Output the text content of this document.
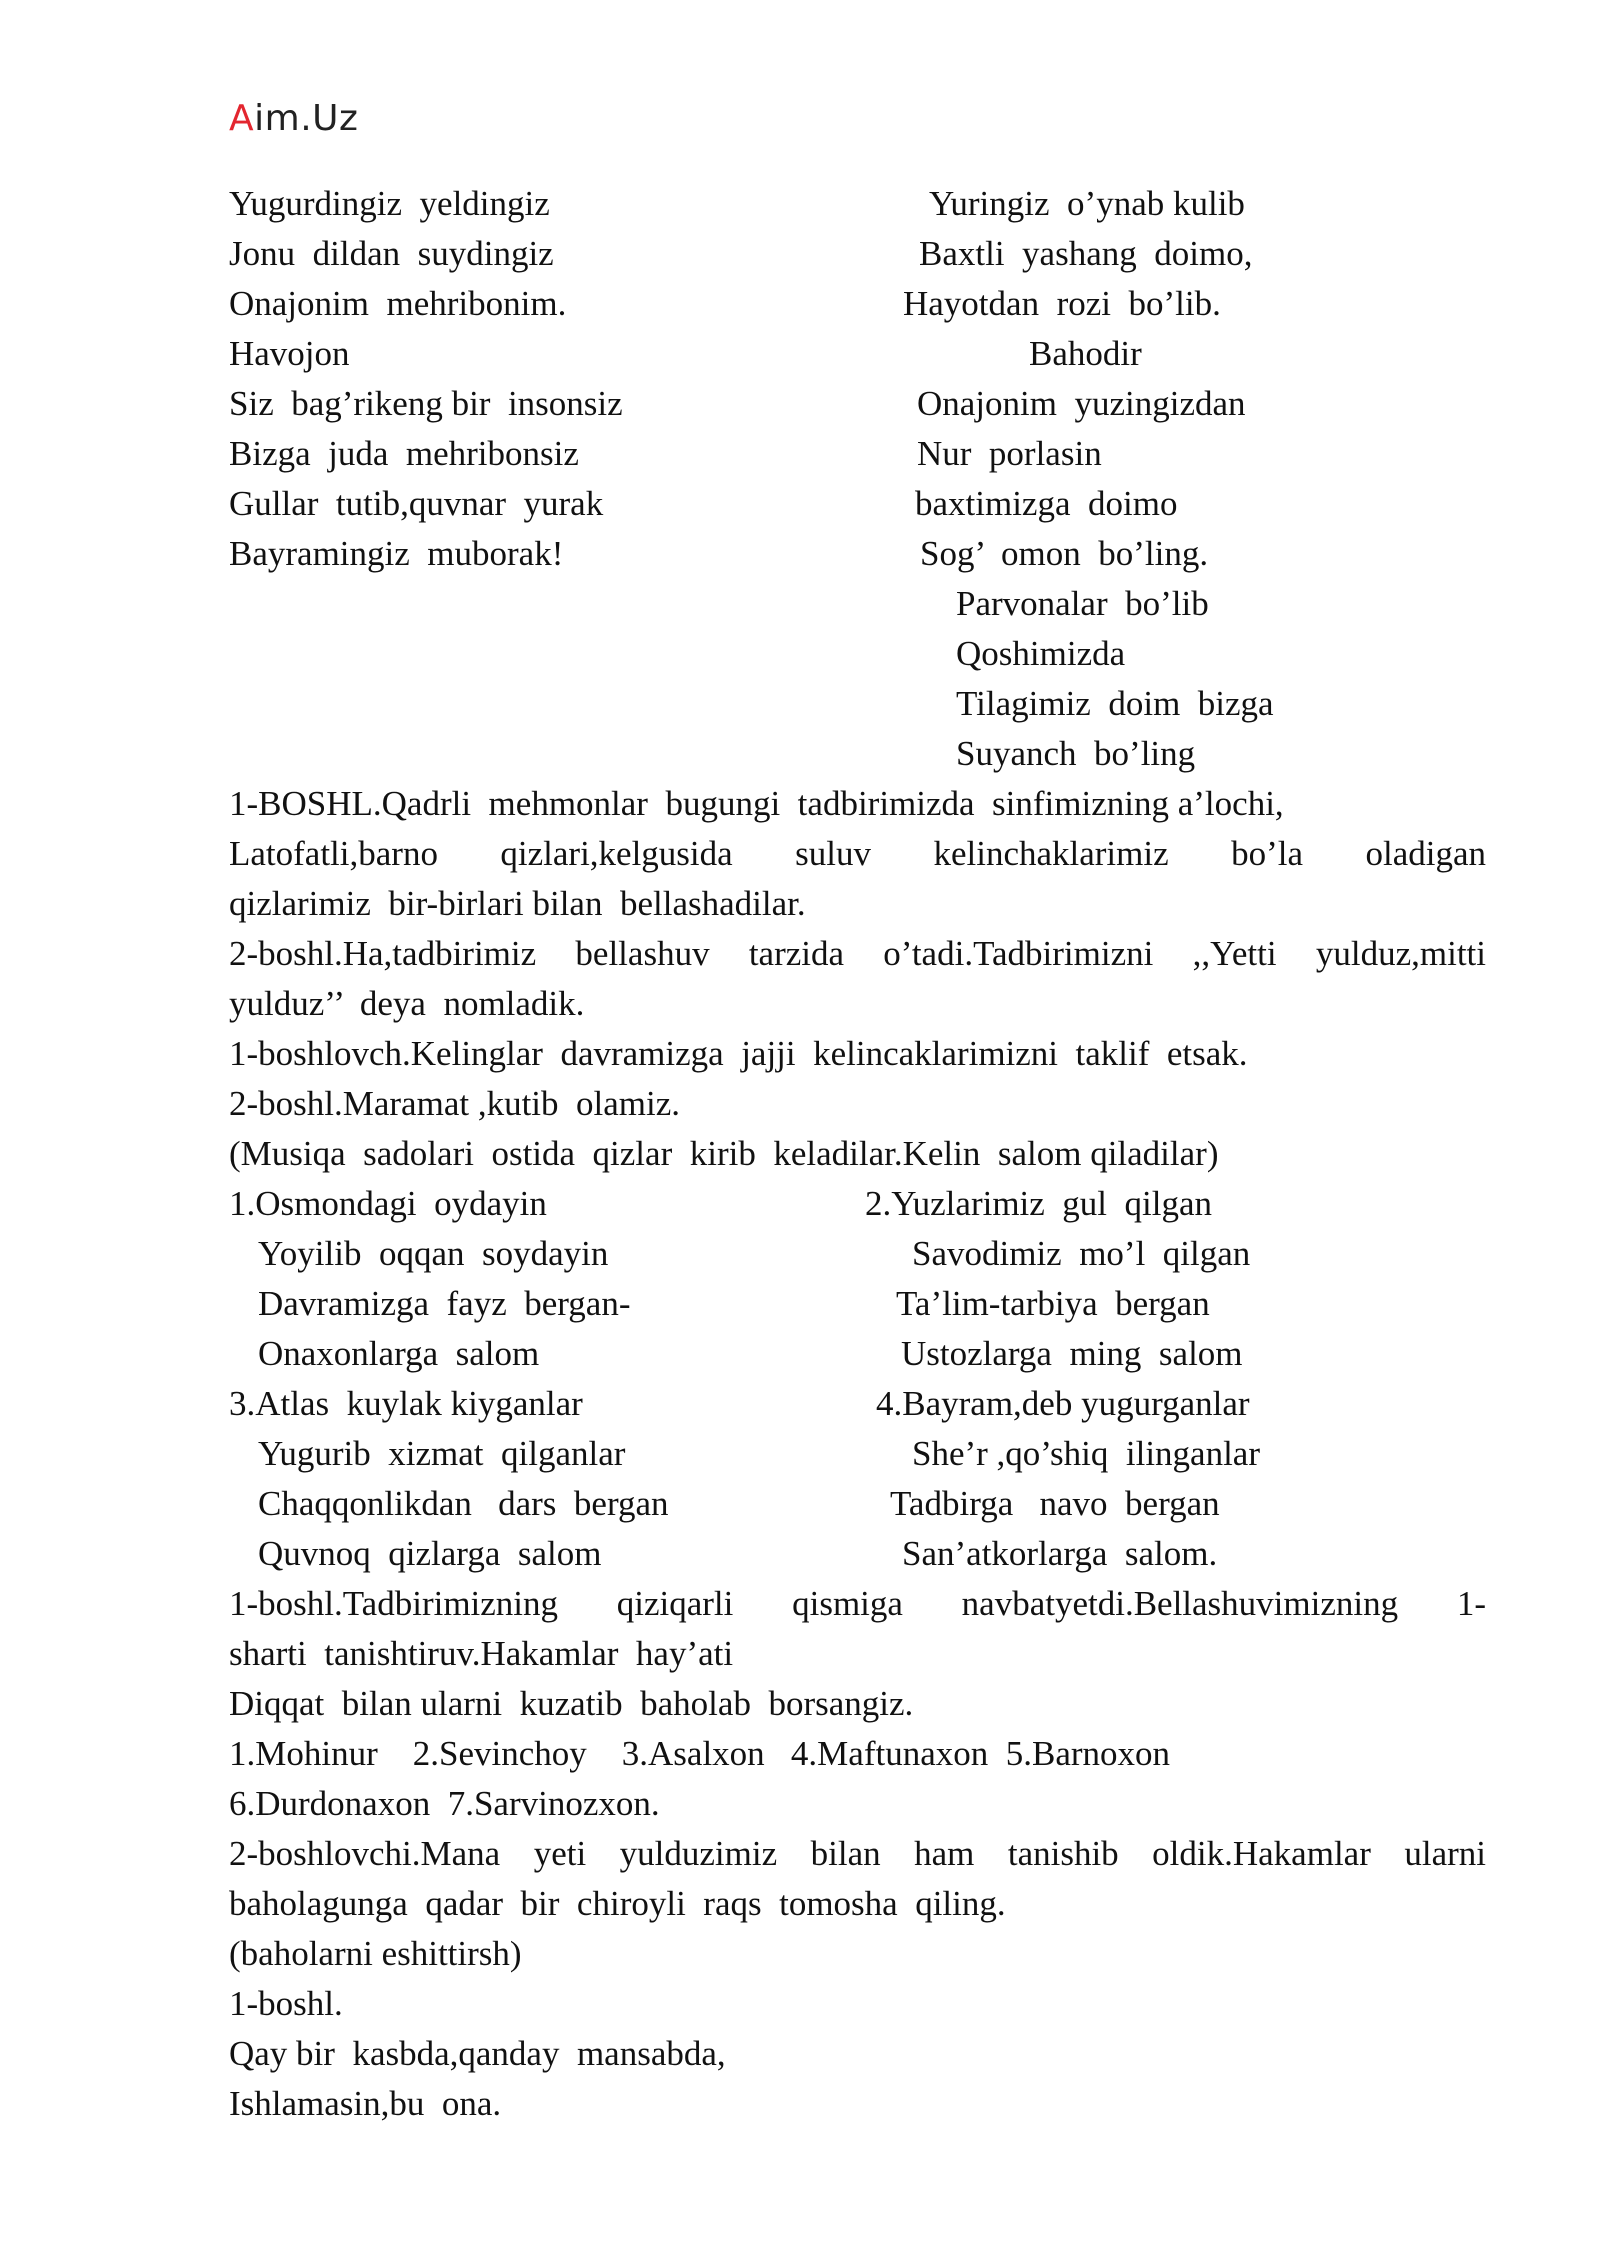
Aim.Uz
Yugurdingiz  yeldingiz
Jonu  dildan  suydingiz
Onajonim  mehribonim.
Havojon
Siz  bag’rikeng bir  insonsiz
Bizga  juda  mehribonsiz
Gullar  tutib,quvnar  yurak
Bayramingiz  muborak!
Yuringiz  o’ynab kulib
Baxtli  yashang  doimo,
Hayotdan  rozi  bo’lib.
Bahodir
Onajonim  yuzingizdan
Nur  porlasin
baxtimizga  doimo
Sog’  omon  bo’ling.
Parvonalar  bo’lib
Qoshimizda
Tilagimiz  doim  bizga
Suyanch  bo’ling
1-BOSHL.Qadrli  mehmonlar  bugungi  tadbirimizda  sinfimizning a’lochi,
Latofatli,barno qizlari,kelgusida suluv kelinchaklarimiz bo’la oladigan
qizlarimiz  bir-birlari bilan  bellashadilar.
2-boshl.Ha,tadbirimiz bellashuv tarzida o’tadi.Tadbirimizni ,,Yetti yulduz,mitti
yulduz’’  deya  nomladik.
1-boshlovch.Kelinglar  davramizga  jajji  kelincaklarimizni  taklif  etsak.
2-boshl.Maramat ,kutib  olamiz.
(Musiqa  sadolari  ostida  qizlar  kirib  keladilar.Kelin  salom qiladilar)
1.Osmondagi  oydayin
Yoyilib  oqqan  soydayin
Davramizga  fayz  bergan-
Onaxonlarga  salom
3.Atlas  kuylak kiyganlar
Yugurib  xizmat  qilganlar
Chaqqonlikdan   dars  bergan
Quvnoq  qizlarga  salom
2.Yuzlarimiz  gul  qilgan
Savodimiz  mo’l  qilgan
Ta’lim-tarbiya  bergan
Ustozlarga  ming  salom
4.Bayram,deb yugurganlar
She’r ,qo’shiq  ilinganlar
Tadbirga   navo  bergan
San’atkorlarga  salom.
1-boshl.Tadbirimizning qiziqarli qismiga navbatyetdi.Bellashuvimizning 1-
sharti  tanishtiruv.Hakamlar  hay’ati
Diqqat  bilan ularni  kuzatib  baholab  borsangiz.
1.Mohinur    2.Sevinchoy    3.Asalxon   4.Maftunaxon  5.Barnoxon
6.Durdonaxon  7.Sarvinozxon.
2-boshlovchi.Mana yeti yulduzimiz bilan ham tanishib oldik.Hakamlar ularni
baholagunga  qadar  bir  chiroyli  raqs  tomosha  qiling.
(baholarni eshittirsh)
1-boshl.
Qay bir  kasbda,qanday  mansabda,
Ishlamasin,bu  ona.
